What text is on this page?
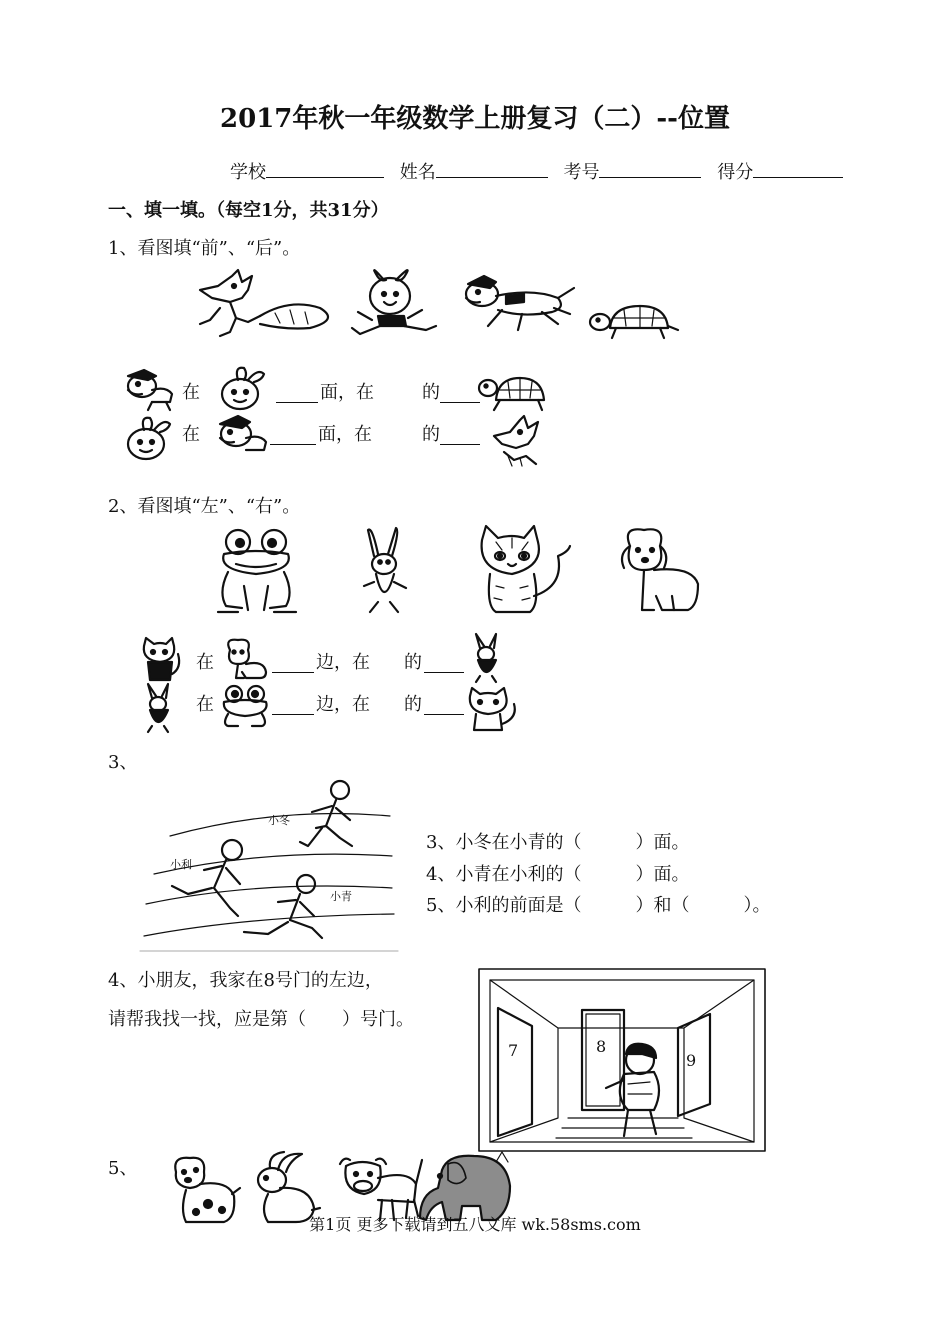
2017年秋一年级数学上册复习（二）--位置
学校	姓名	考号	得分
一、填一填。（每空1分，共31分）
1、看图填“前”、“后”。
在	面，在	的
在	面，在	的
2、看图填“左”、“右”。
在	边，在 的
在	边，在 的
3、
小冬
小利
小青
3、小冬在小青的（　　　）面。
4、小青在小利的（　　　）面。
5、小利的前面是（　　　）和（　　　）。
4、小朋友，我家在8号门的左边，
请帮我找一找，应是第（　　）号门。
7	8
9
5、
第1页 更多下载请到五八文库 wk.58sms.com
